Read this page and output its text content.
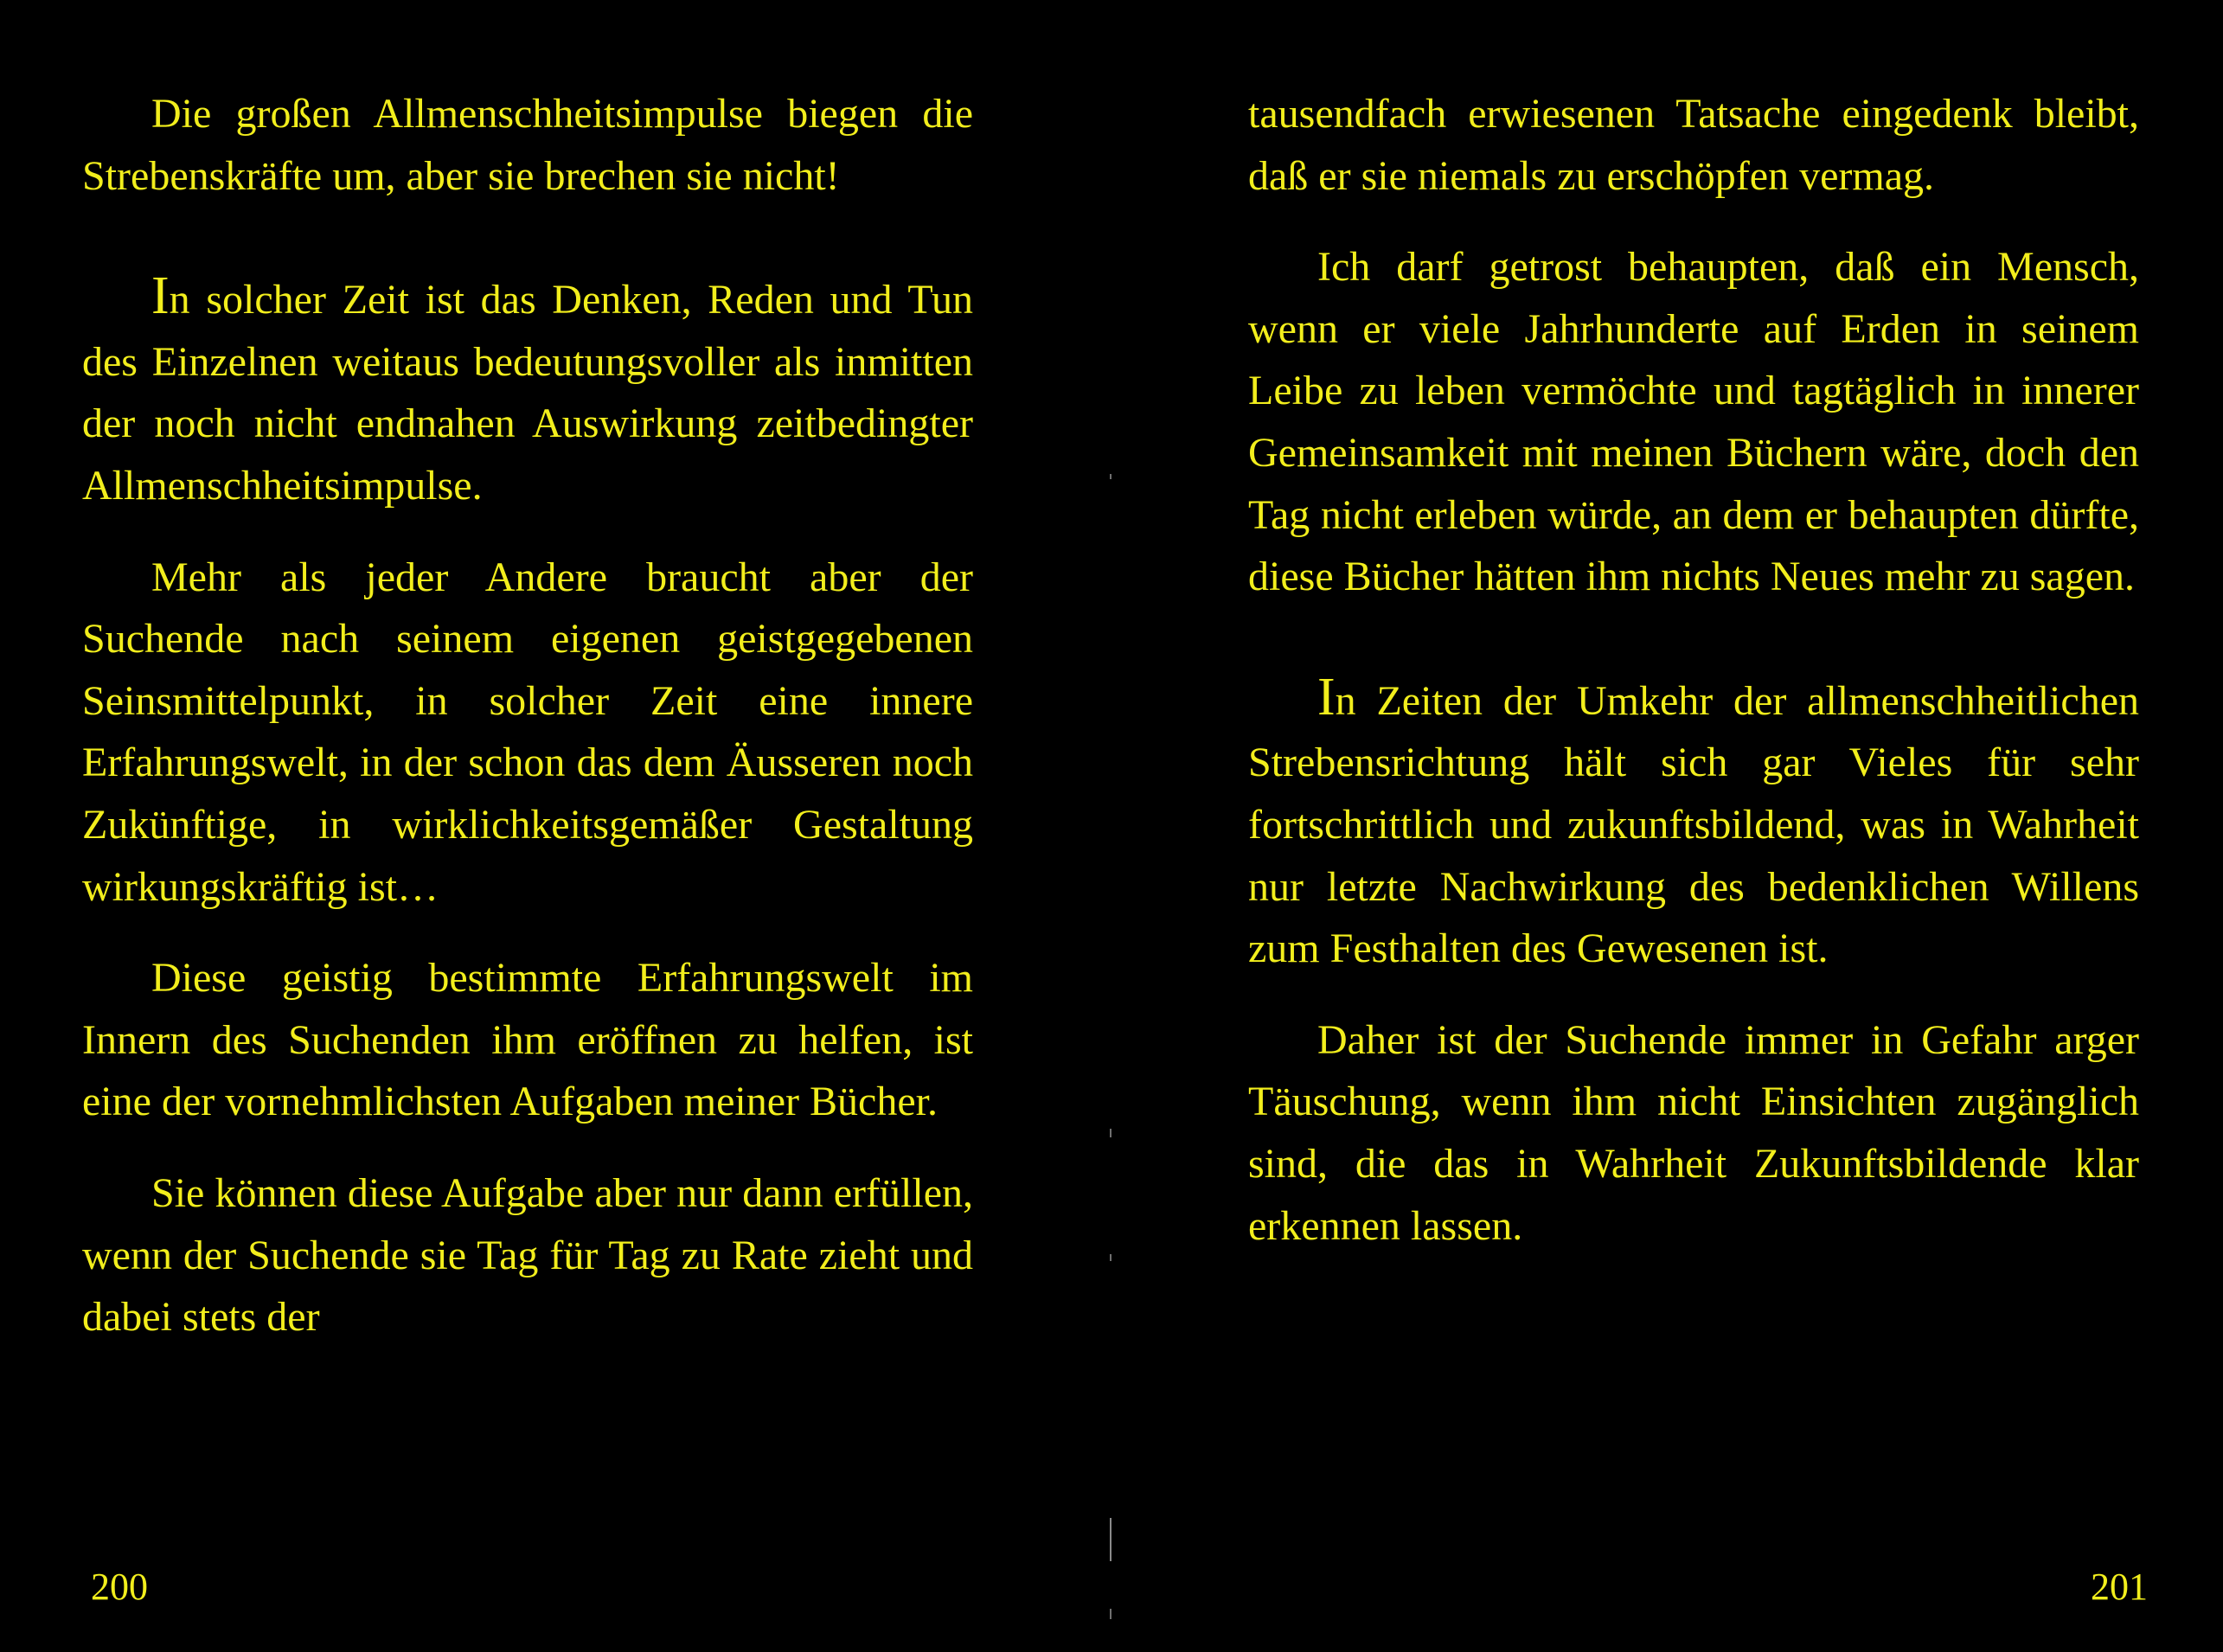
Die großen Allmenschheitsimpulse biegen die Strebenskräfte um, aber sie brechen sie nicht!

In solcher Zeit ist das Denken, Reden und Tun des Einzelnen weitaus bedeutungsvoller als inmitten der noch nicht endnahen Auswirkung zeitbedingter Allmenschheitsimpulse.

Mehr als jeder Andere braucht aber der Suchende nach seinem eigenen geistgegebenen Seinsmittelpunkt, in solcher Zeit eine innere Erfahrungswelt, in der schon das dem Äusseren noch Zukünftige, in wirklichkeitsgemäßer Gestaltung wirkungskräftig ist…

Diese geistig bestimmte Erfahrungswelt im Innern des Suchenden ihm eröffnen zu helfen, ist eine der vornehmlichsten Aufgaben meiner Bücher.

Sie können diese Aufgabe aber nur dann erfüllen, wenn der Suchende sie Tag für Tag zu Rate zieht und dabei stets der

200

tausendfach erwiesenen Tatsache eingedenk bleibt, daß er sie niemals zu erschöpfen vermag.

Ich darf getrost behaupten, daß ein Mensch, wenn er viele Jahrhunderte auf Erden in seinem Leibe zu leben vermöchte und tagtäglich in innerer Gemeinsamkeit mit meinen Büchern wäre, doch den Tag nicht erleben würde, an dem er behaupten dürfte, diese Bücher hätten ihm nichts Neues mehr zu sagen.

In Zeiten der Umkehr der allmenschheitlichen Strebensrichtung hält sich gar Vieles für sehr fortschrittlich und zukunftsbildend, was in Wahrheit nur letzte Nachwirkung des bedenklichen Willens zum Festhalten des Gewesenen ist.

Daher ist der Suchende immer in Gefahr arger Täuschung, wenn ihm nicht Einsichten zugänglich sind, die das in Wahrheit Zukunftsbildende klar erkennen lassen.

201
